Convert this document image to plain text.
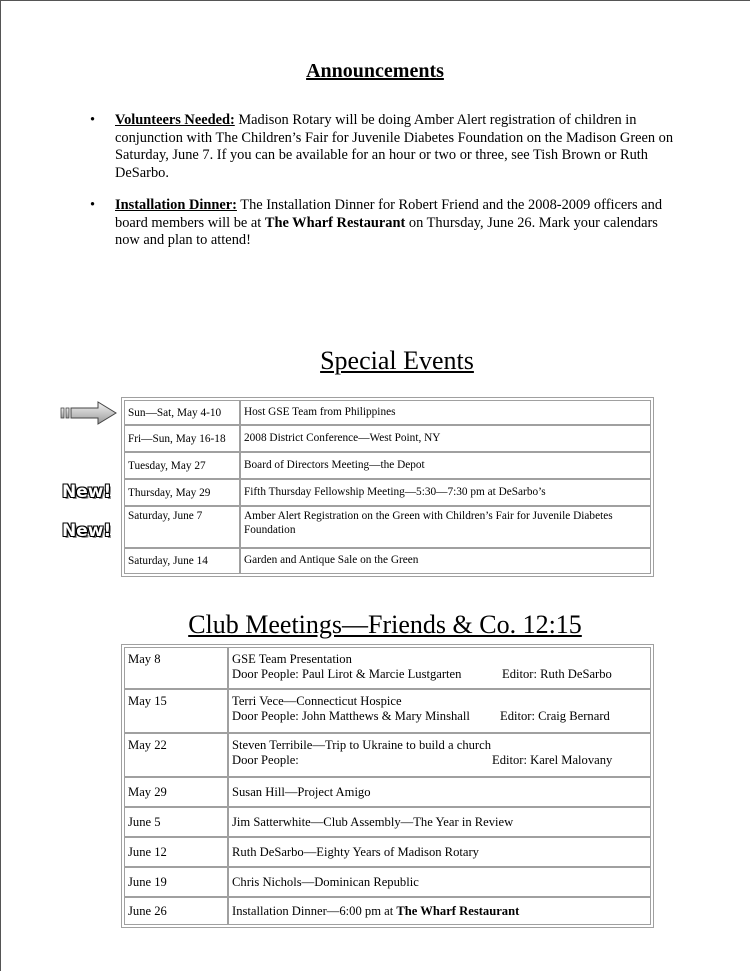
Announcements
•	Volunteers Needed: Madison Rotary will be doing Amber Alert registration of children in conjunction with The Children’s Fair for Juvenile Diabetes Foundation on the Madison Green on Saturday, June 7. If you can be available for an hour or two or three, see Tish Brown or Ruth DeSarbo.
•	Installation Dinner: The Installation Dinner for Robert Friend and the 2008-2009 officers and board members will be at The Wharf Restaurant on Thursday, June 26. Mark your calendars now and plan to attend!
Special Events
New!
New!
Sun—Sat, May 4-10	Host GSE Team from Philippines
Fri—Sun, May 16-18	2008 District Conference—West Point, NY
Tuesday, May 27	Board of Directors Meeting—the Depot
Thursday, May 29	Fifth Thursday Fellowship Meeting—5:30—7:30 pm at DeSarbo’s
Saturday, June 7	Amber Alert Registration on the Green with Children’s Fair for Juvenile Diabetes Foundation
Saturday, June 14	Garden and Antique Sale on the Green
Club Meetings—Friends & Co. 12:15
May 8	GSE Team Presentation
Door People: Paul Lirot & Marcie Lustgarten Editor: Ruth DeSarbo

May 15	Terri Vece—Connecticut Hospice
Door People: John Matthews & Mary Minshall Editor: Craig Bernard

May 22	Steven Terribile—Trip to Ukraine to build a church
Door People: Editor: Karel Malovany

May 29	Susan Hill—Project Amigo
June 5	Jim Satterwhite—Club Assembly—The Year in Review
June 12	Ruth DeSarbo—Eighty Years of Madison Rotary
June 19	Chris Nichols—Dominican Republic
June 26	Installation Dinner—6:00 pm at The Wharf Restaurant
